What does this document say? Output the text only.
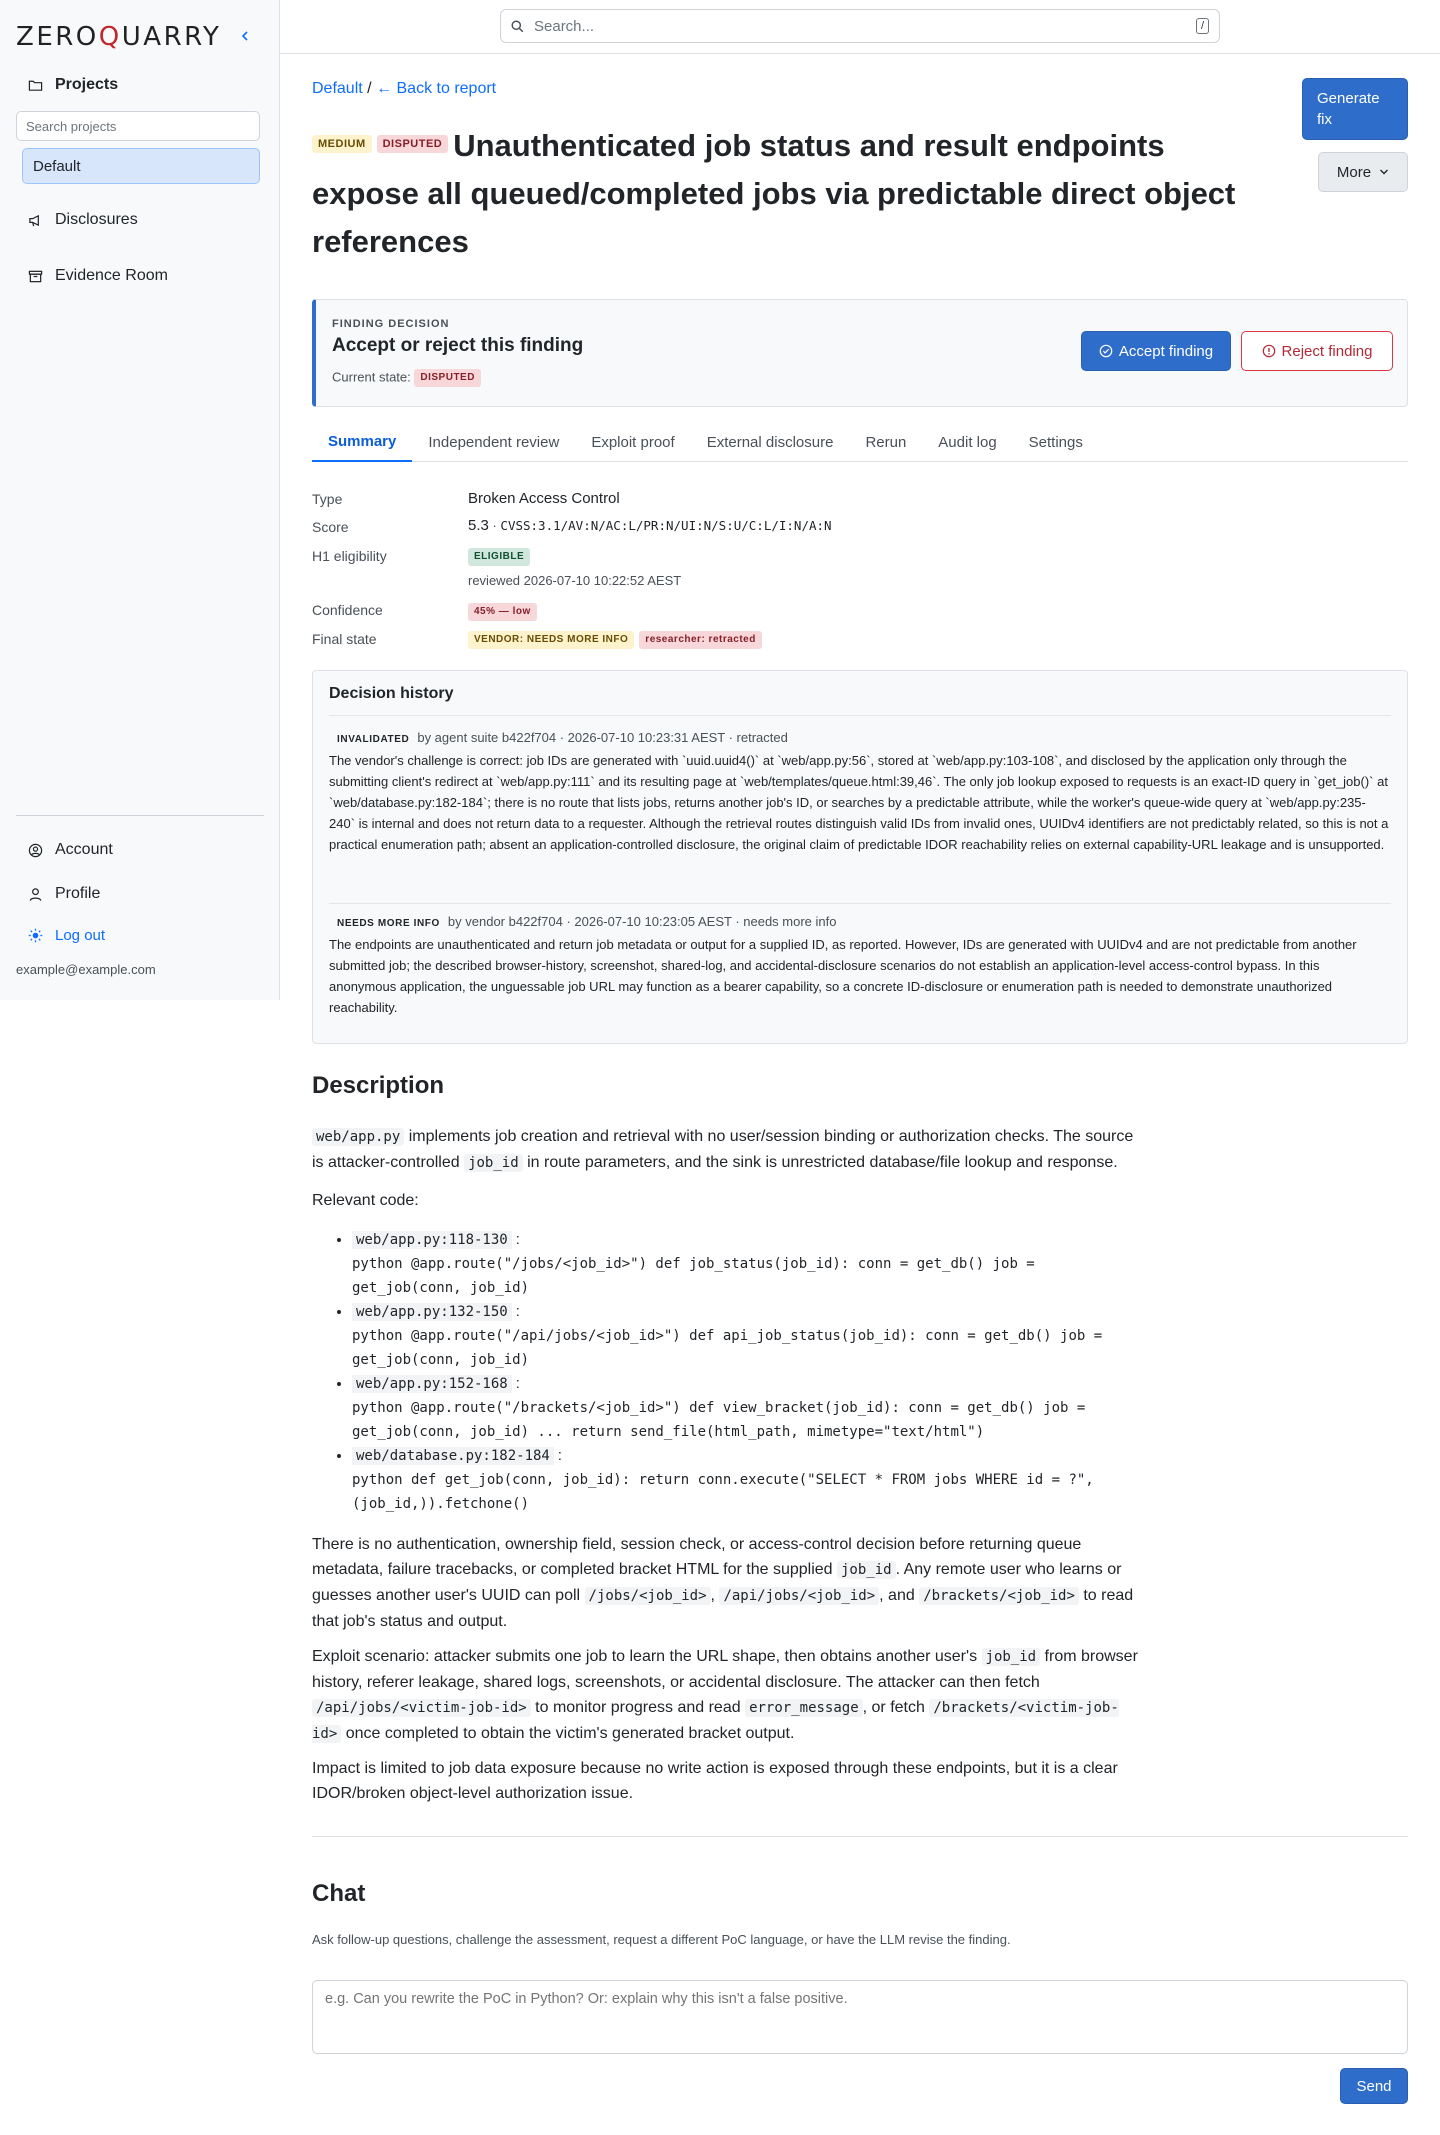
ZEROQUARRY
Projects
Search projects
Default
Disclosures
Evidence Room
Account
Profile
Log out
example@example.com
Search...	/
Default / ← Back to report
Generate fix
More
MEDIUM DISPUTED Unauthenticated job status and result endpoints expose all queued/completed jobs via predictable direct object references
FINDING DECISION
Accept or reject this finding
Current state: DISPUTED
Accept finding	Reject finding
Summary	Independent review	Exploit proof	External disclosure	Rerun	Audit log	Settings
Type	Broken Access Control
Score	5.3 · CVSS:3.1/AV:N/AC:L/PR:N/UI:N/S:U/C:L/I:N/A:N
H1 eligibility	ELIGIBLE
reviewed 2026-07-10 10:22:52 AEST
Confidence	45% — low
Final state	VENDOR: NEEDS MORE INFO researcher: retracted
Decision history
INVALIDATED by agent suite b422f704 · 2026-07-10 10:23:31 AEST · retracted
The vendor's challenge is correct: job IDs are generated with `uuid.uuid4()` at `web/app.py:56`, stored at `web/app.py:103-108`, and disclosed by the application only through the submitting client's redirect at `web/app.py:111` and its resulting page at `web/templates/queue.html:39,46`. The only job lookup exposed to requests is an exact-ID query in `get_job()` at `web/database.py:182-184`; there is no route that lists jobs, returns another job's ID, or searches by a predictable attribute, while the worker's queue-wide query at `web/app.py:235-240` is internal and does not return data to a requester. Although the retrieval routes distinguish valid IDs from invalid ones, UUIDv4 identifiers are not predictably related, so this is not a practical enumeration path; absent an application-controlled disclosure, the original claim of predictable IDOR reachability relies on external capability-URL leakage and is unsupported.
NEEDS MORE INFO by vendor b422f704 · 2026-07-10 10:23:05 AEST · needs more info
The endpoints are unauthenticated and return job metadata or output for a supplied ID, as reported. However, IDs are generated with UUIDv4 and are not predictable from another submitted job; the described browser-history, screenshot, shared-log, and accidental-disclosure scenarios do not establish an application-level access-control bypass. In this anonymous application, the unguessable job URL may function as a bearer capability, so a concrete ID-disclosure or enumeration path is needed to demonstrate unauthorized reachability.
Description

web/app.py implements job creation and retrieval with no user/session binding or authorization checks. The source is attacker-controlled job_id in route parameters, and the sink is unrestricted database/file lookup and response.

Relevant code:

• web/app.py:118-130 :
python @app.route("/jobs/<job_id>") def job_status(job_id): conn = get_db() job = get_job(conn, job_id)
• web/app.py:132-150 :
python @app.route("/api/jobs/<job_id>") def api_job_status(job_id): conn = get_db() job = get_job(conn, job_id)
• web/app.py:152-168 :
python @app.route("/brackets/<job_id>") def view_bracket(job_id): conn = get_db() job = get_job(conn, job_id) ... return send_file(html_path, mimetype="text/html")
• web/database.py:182-184 :
python def get_job(conn, job_id): return conn.execute("SELECT * FROM jobs WHERE id = ?", (job_id,)).fetchone()

There is no authentication, ownership field, session check, or access-control decision before returning queue metadata, failure tracebacks, or completed bracket HTML for the supplied job_id . Any remote user who learns or guesses another user's UUID can poll /jobs/<job_id> , /api/jobs/<job_id> , and /brackets/<job_id> to read that job's status and output.

Exploit scenario: attacker submits one job to learn the URL shape, then obtains another user's job_id from browser history, referer leakage, shared logs, screenshots, or accidental disclosure. The attacker can then fetch /api/jobs/<victim-job-id> to monitor progress and read error_message , or fetch /brackets/<victim-job-id> once completed to obtain the victim's generated bracket output.

Impact is limited to job data exposure because no write action is exposed through these endpoints, but it is a clear IDOR/broken object-level authorization issue.

Chat

Ask follow-up questions, challenge the assessment, request a different PoC language, or have the LLM revise the finding.

e.g. Can you rewrite the PoC in Python? Or: explain why this isn't a false positive.
Send
